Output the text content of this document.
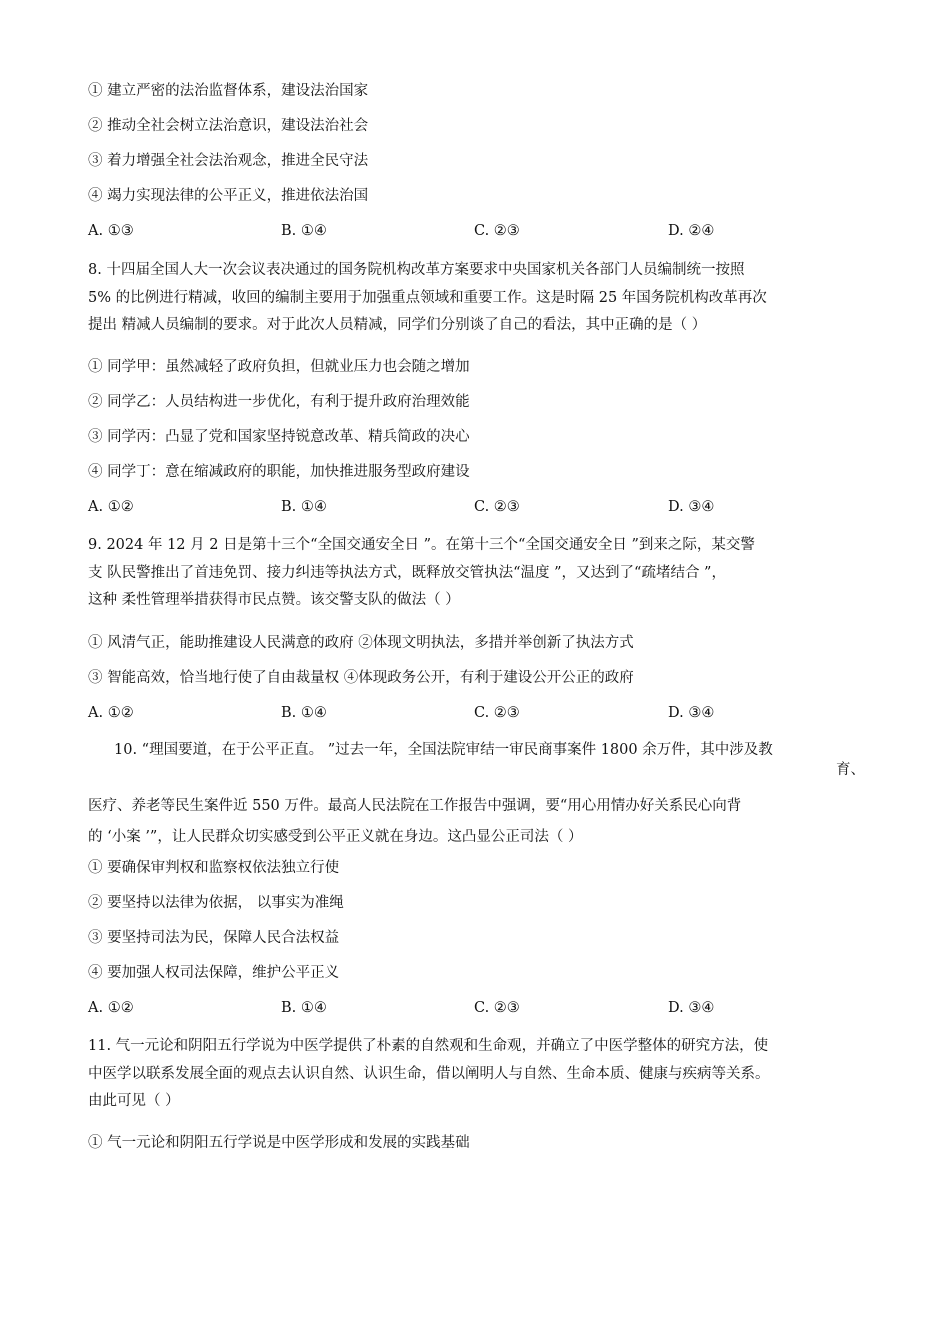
① 建立严密的法治监督体系，建设法治国家
② 推动全社会树立法治意识，建设法治社会
③ 着力增强全社会法治观念，推进全民守法
④ 竭力实现法律的公平正义，推进依法治国
A. ①③	B. ①④	C. ②③	D. ②④
8. 十四届全国人大一次会议表决通过的国务院机构改革方案要求中央国家机关各部门人员编制统一按照
5% 的比例进行精减，收回的编制主要用于加强重点领域和重要工作。这是时隔 25 年国务院机构改革再次
提出 精减人员编制的要求。对于此次人员精减，同学们分别谈了自己的看法，其中正确的是（ ）
① 同学甲：虽然减轻了政府负担，但就业压力也会随之增加
② 同学乙：人员结构进一步优化，有利于提升政府治理效能
③ 同学丙：凸显了党和国家坚持锐意改革、精兵简政的决心
④ 同学丁：意在缩减政府的职能，加快推进服务型政府建设
A. ①②	B. ①④	C. ②③	D. ③④
9. 2024 年 12 月 2 日是第十三个“全国交通安全日 ”。在第十三个“全国交通安全日 ”到来之际，某交警
支 队民警推出了首违免罚、接力纠违等执法方式，既释放交管执法“温度 ”，又达到了“疏堵结合 ”，
这种 柔性管理举措获得市民点赞。该交警支队的做法（ ）
① 风清气正，能助推建设人民满意的政府 ②体现文明执法，多措并举创新了执法方式
③ 智能高效，恰当地行使了自由裁量权 ④体现政务公开，有利于建设公开公正的政府
A. ①②	B. ①④	C. ②③	D. ③④
10. “理国要道，在于公平正直。 ”过去一年，全国法院审结一审民商事案件 1800 余万件，其中涉及教
育、
医疗、养老等民生案件近 550 万件。最高人民法院在工作报告中强调，要“用心用情办好关系民心向背
的 ‘小案 ’”，让人民群众切实感受到公平正义就在身边。这凸显公正司法（ ）
① 要确保审判权和监察权依法独立行使
② 要坚持以法律为依据， 以事实为准绳
③ 要坚持司法为民，保障人民合法权益
④ 要加强人权司法保障，维护公平正义
A. ①②	B. ①④	C. ②③	D. ③④
11. 气一元论和阴阳五行学说为中医学提供了朴素的自然观和生命观，并确立了中医学整体的研究方法，使
中医学以联系发展全面的观点去认识自然、认识生命，借以阐明人与自然、生命本质、健康与疾病等关系。
由此可见（ ）
① 气一元论和阴阳五行学说是中医学形成和发展的实践基础
